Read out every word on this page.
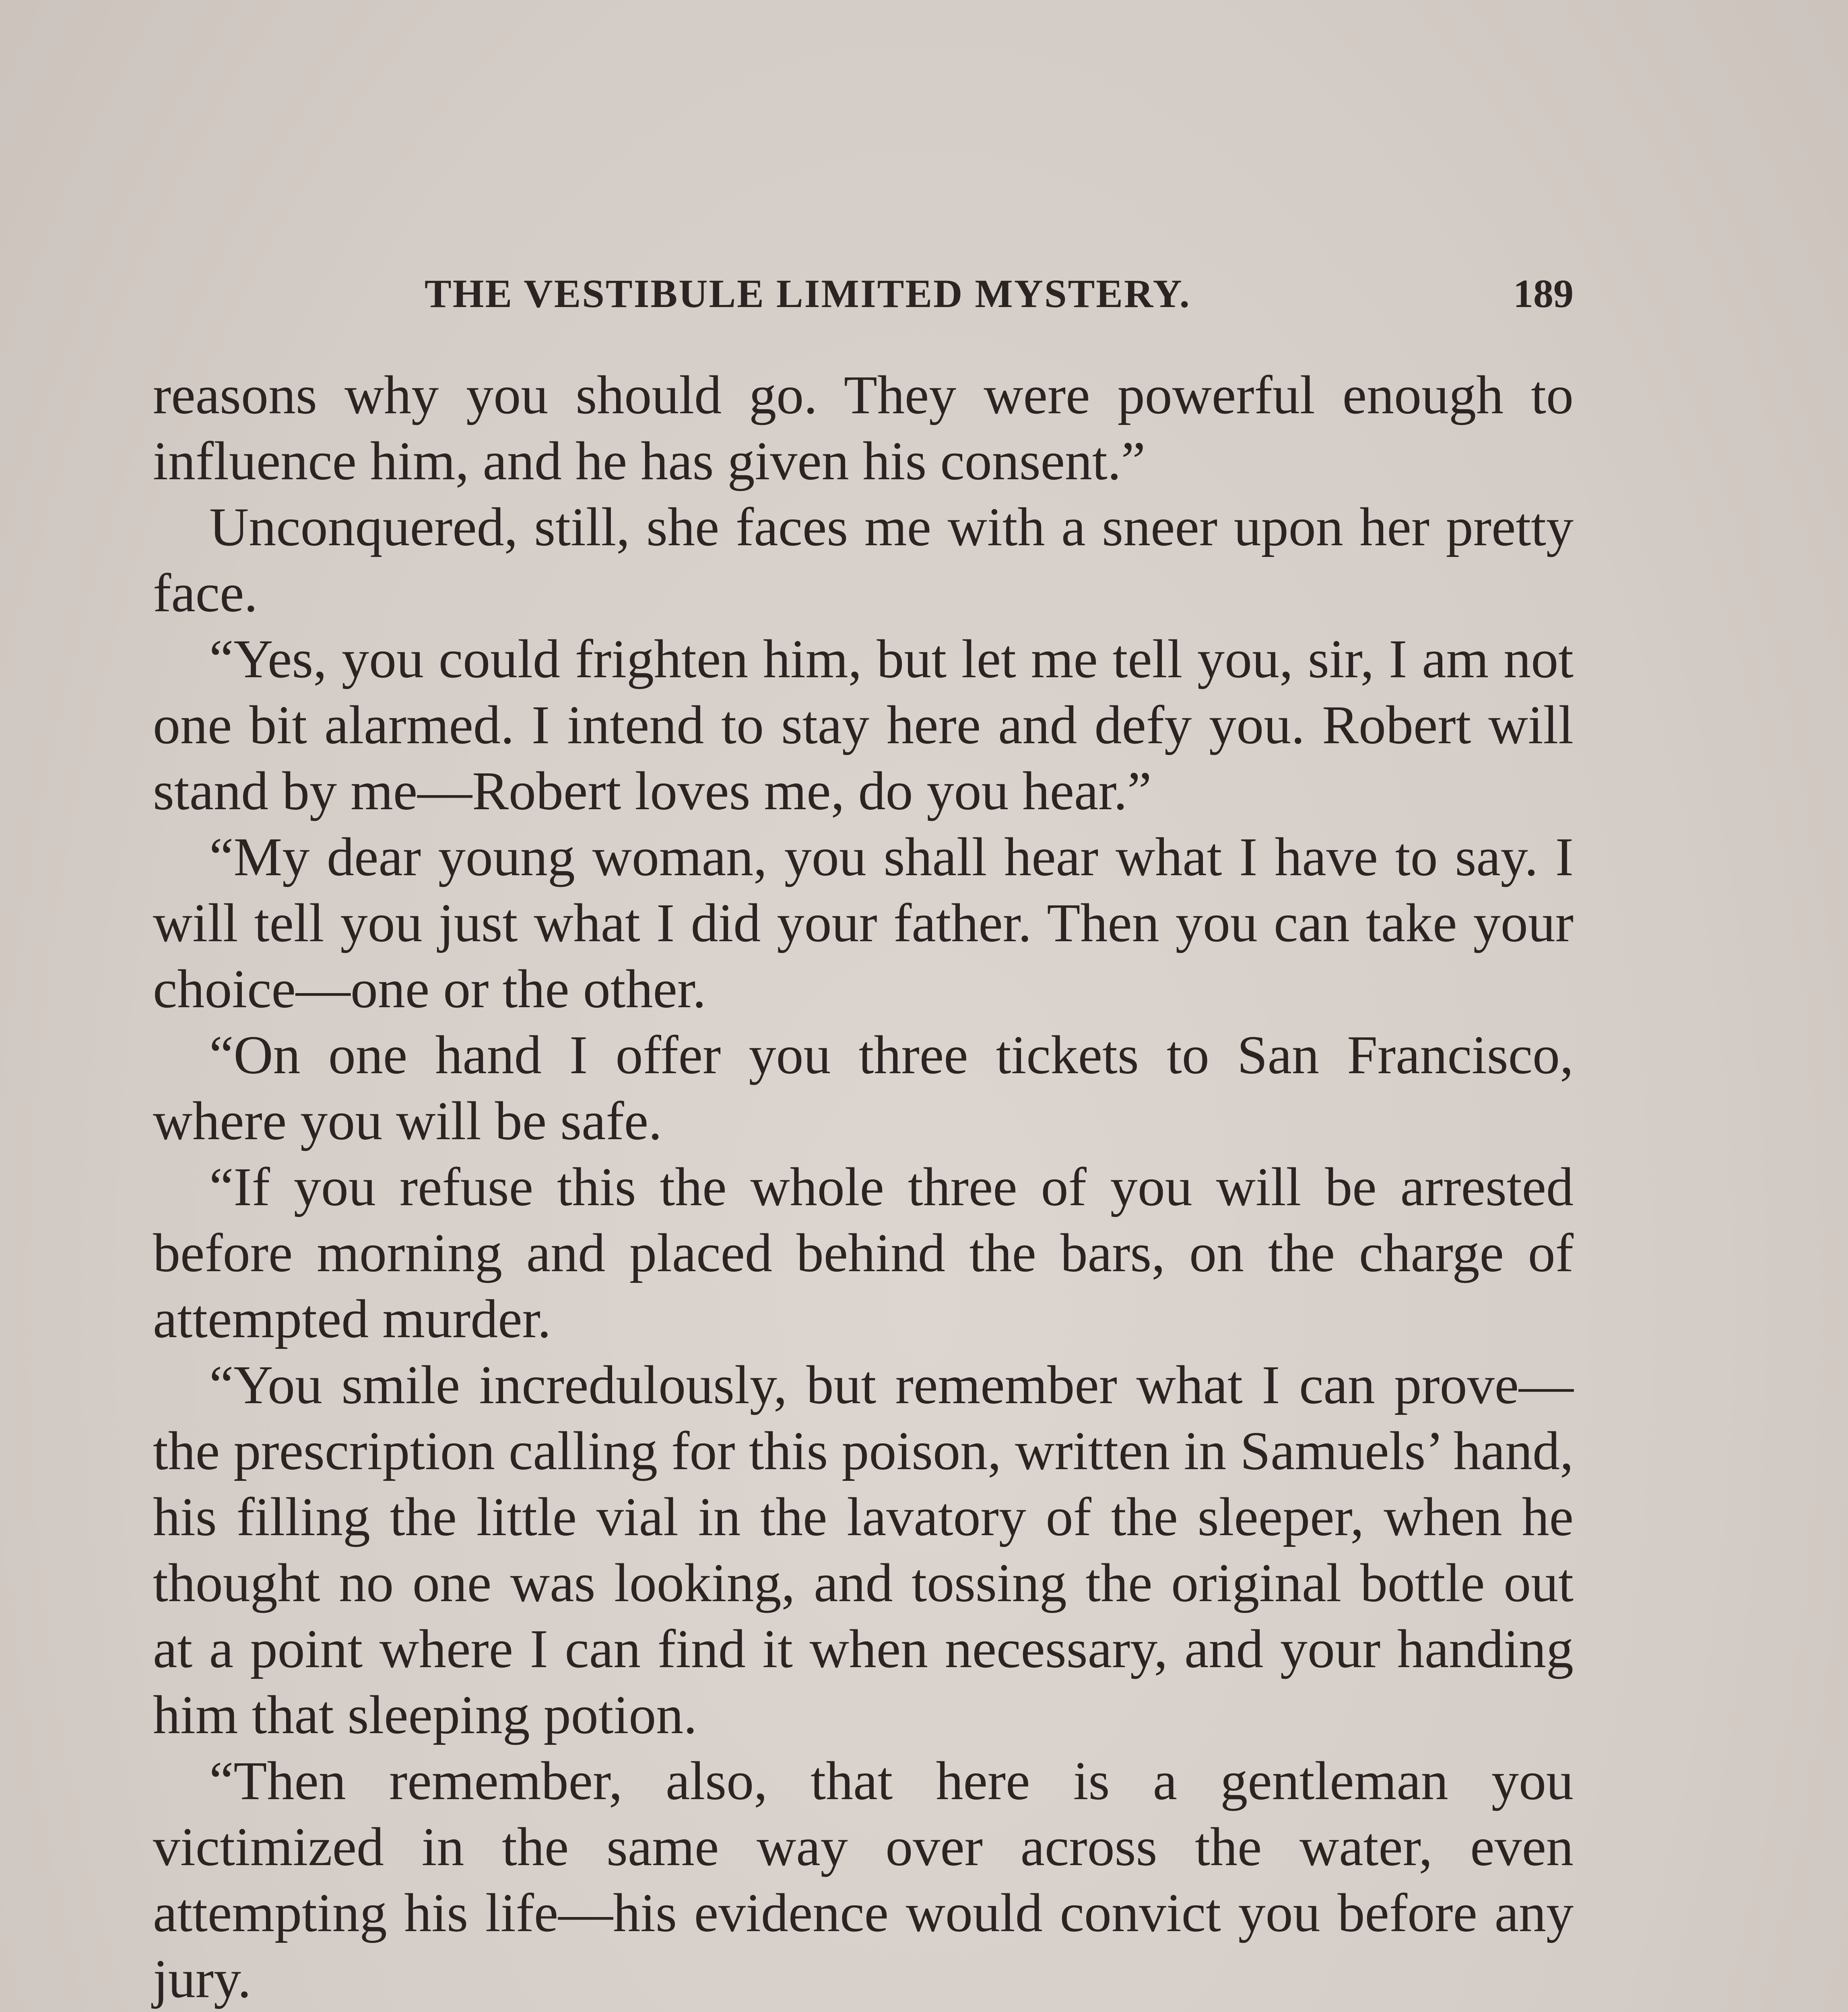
THE VESTIBULE LIMITED MYSTERY.	189

reasons why you should go. They were powerful enough to influence him, and he has given his consent.”

Unconquered, still, she faces me with a sneer upon her pretty face.

“Yes, you could frighten him, but let me tell you, sir, I am not one bit alarmed. I intend to stay here and defy you. Robert will stand by me—Robert loves me, do you hear.”

“My dear young woman, you shall hear what I have to say. I will tell you just what I did your father. Then you can take your choice—one or the other.

“On one hand I offer you three tickets to San Francisco, where you will be safe.

“If you refuse this the whole three of you will be arrested before morning and placed behind the bars, on the charge of attempted murder.

“You smile incredulously, but remember what I can prove—the prescription calling for this poison, written in Samuels’ hand, his filling the little vial in the lavatory of the sleeper, when he thought no one was looking, and tossing the original bottle out at a point where I can find it when necessary, and your handing him that sleeping potion.

“Then remember, also, that here is a gentleman you victimized in the same way over across the water, even attempting his life—his evidence would convict you before any jury.
